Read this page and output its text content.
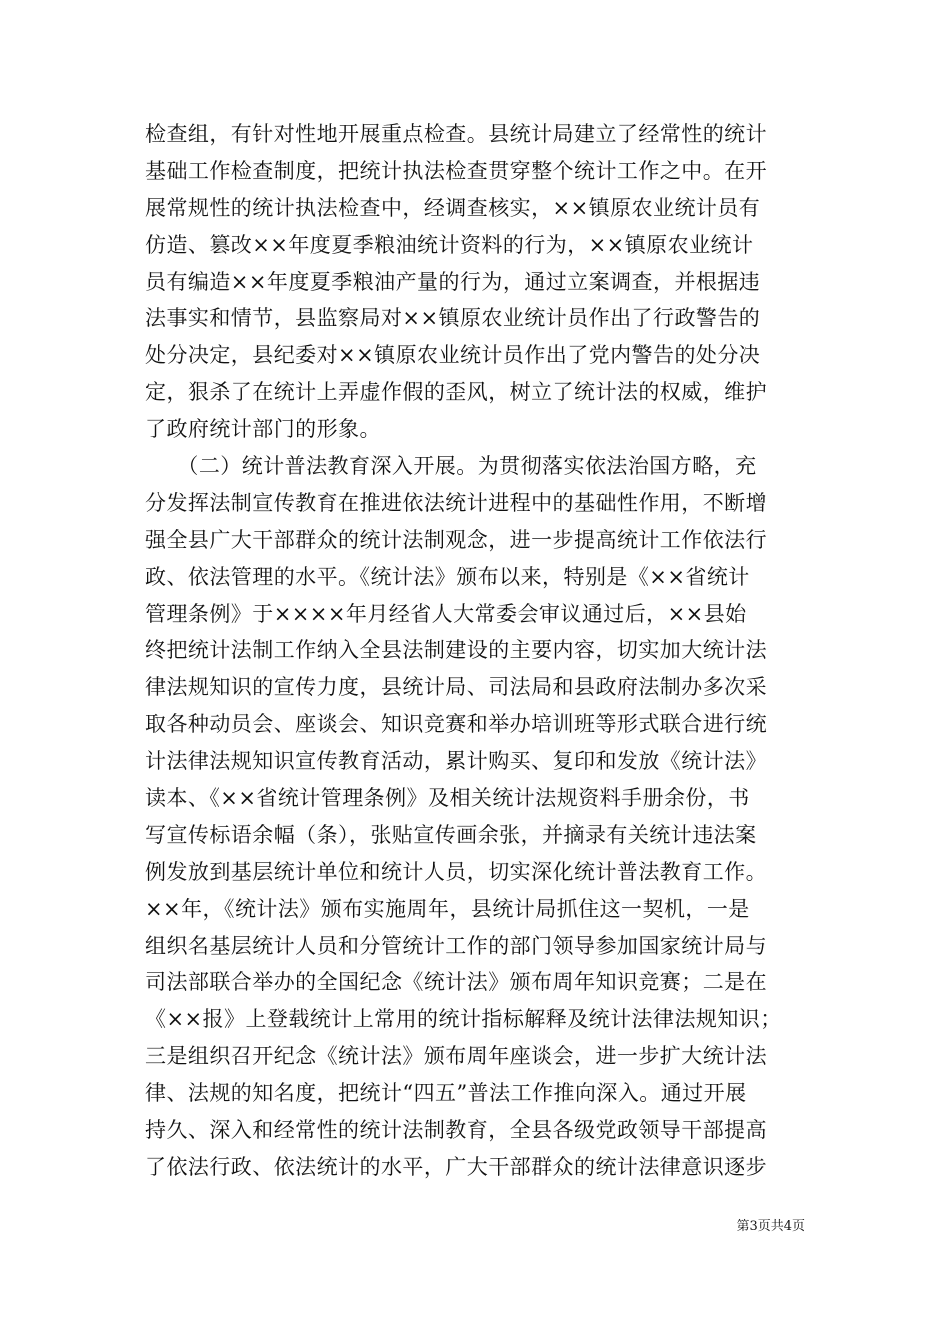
检查组，有针对性地开展重点检查。县统计局建立了经常性的统计
基础工作检查制度，把统计执法检查贯穿整个统计工作之中。在开
展常规性的统计执法检查中，经调查核实，××镇原农业统计员有
仿造、篡改××年度夏季粮油统计资料的行为，××镇原农业统计
员有编造××年度夏季粮油产量的行为，通过立案调查，并根据违
法事实和情节，县监察局对××镇原农业统计员作出了行政警告的
处分决定，县纪委对××镇原农业统计员作出了党内警告的处分决
定，狠杀了在统计上弄虚作假的歪风，树立了统计法的权威，维护
了政府统计部门的形象。
　　（二）统计普法教育深入开展。为贯彻落实依法治国方略，充
分发挥法制宣传教育在推进依法统计进程中的基础性作用，不断增
强全县广大干部群众的统计法制观念，进一步提高统计工作依法行
政、依法管理的水平。《统计法》颁布以来，特别是《××省统计
管理条例》于××××年月经省人大常委会审议通过后，××县始
终把统计法制工作纳入全县法制建设的主要内容，切实加大统计法
律法规知识的宣传力度，县统计局、司法局和县政府法制办多次采
取各种动员会、座谈会、知识竞赛和举办培训班等形式联合进行统
计法律法规知识宣传教育活动，累计购买、复印和发放《统计法》
读本、《××省统计管理条例》及相关统计法规资料手册余份，书
写宣传标语余幅（条），张贴宣传画余张，并摘录有关统计违法案
例发放到基层统计单位和统计人员，切实深化统计普法教育工作。
××年，《统计法》颁布实施周年，县统计局抓住这一契机，一是
组织名基层统计人员和分管统计工作的部门领导参加国家统计局与
司法部联合举办的全国纪念《统计法》颁布周年知识竞赛；二是在
《××报》上登载统计上常用的统计指标解释及统计法律法规知识；
三是组织召开纪念《统计法》颁布周年座谈会，进一步扩大统计法
律、法规的知名度，把统计“四五”普法工作推向深入。通过开展
持久、深入和经常性的统计法制教育，全县各级党政领导干部提高
了依法行政、依法统计的水平，广大干部群众的统计法律意识逐步
第3页共4页
